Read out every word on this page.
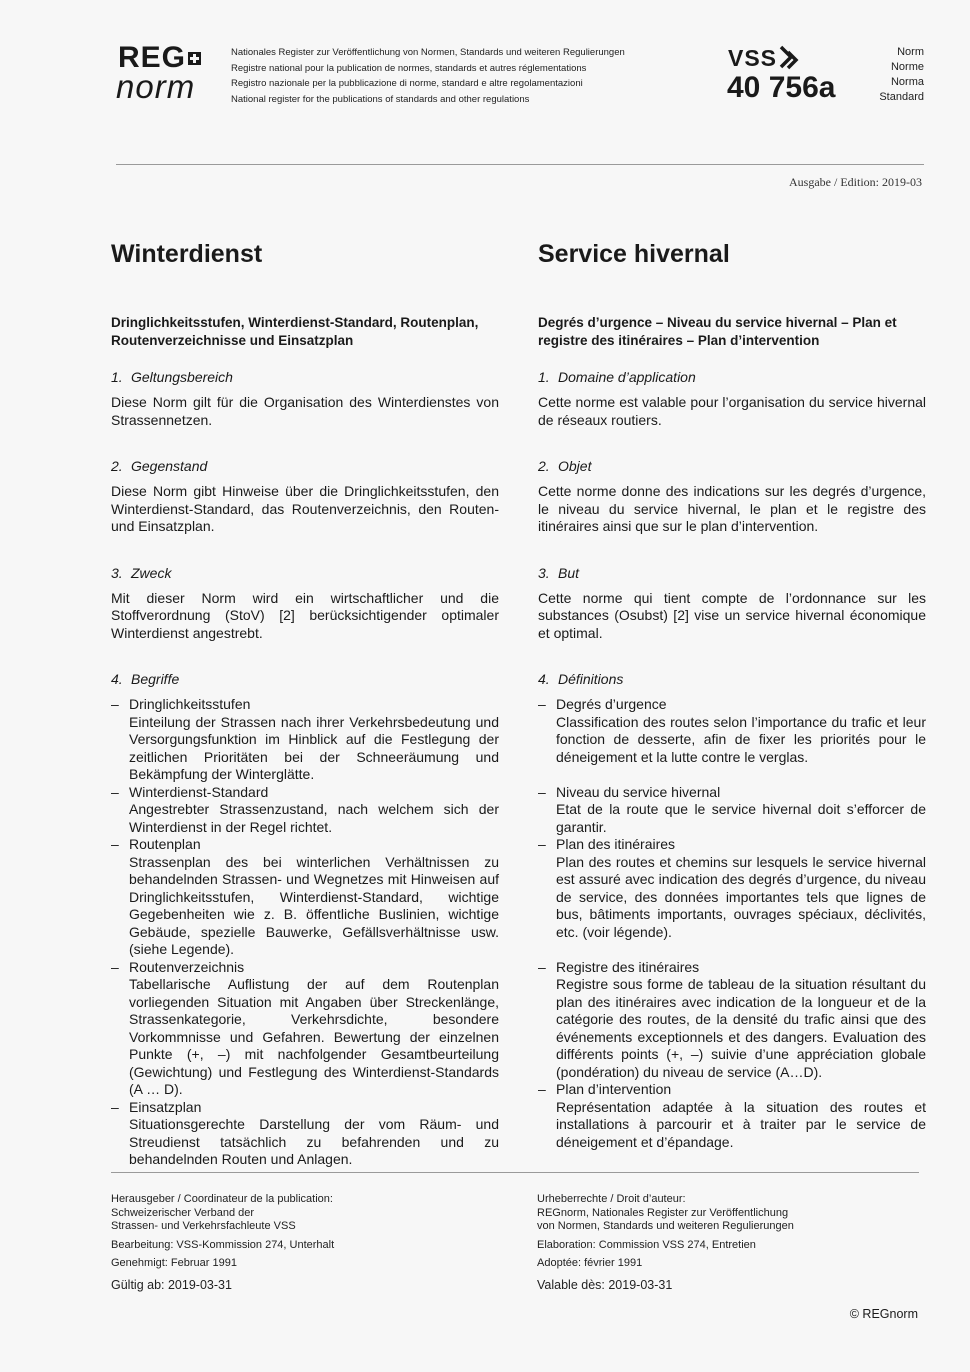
REG
norm
Nationales Register zur Veröffentlichung von Normen, Standards und weiteren Regulierungen
Registre national pour la publication de normes, standards et autres réglementations
Registro nazionale per la pubblicazione di norme, standard e altre regolamentazioni
National register for the publications of standards and other regulations
VSS
40 756a
Norm
Norme
Norma
Standard
Ausgabe / Edition: 2019-03
Winterdienst

Dringlichkeitsstufen, Winterdienst-Standard, Routenplan, Routenverzeichnisse und Einsatzplan

1. Geltungsbereich

Diese Norm gilt für die Organisation des Winterdienstes von Strassennetzen.

2. Gegenstand

Diese Norm gibt Hinweise über die Dringlichkeitsstufen, den Winterdienst-Standard, das Routenverzeichnis, den Routen- und Einsatzplan.

3. Zweck

Mit dieser Norm wird ein wirtschaftlicher und die Stoffverordnung (StoV) [2] berücksichtigender optimaler Winterdienst angestrebt.

4. Begriffe
– Dringlichkeitsstufen
Einteilung der Strassen nach ihrer Verkehrsbedeutung und Versorgungsfunktion im Hinblick auf die Festlegung der zeitlichen Prioritäten bei der Schneeräumung und Bekämpfung der Winterglätte.
– Winterdienst-Standard
Angestrebter Strassenzustand, nach welchem sich der Winterdienst in der Regel richtet.
– Routenplan
Strassenplan des bei winterlichen Verhältnissen zu behandelnden Strassen- und Wegnetzes mit Hinweisen auf Dringlichkeitsstufen, Winterdienst-Standard, wichtige Gegebenheiten wie z. B. öffentliche Buslinien, wichtige Gebäude, spezielle Bauwerke, Gefällsverhältnisse usw. (siehe Legende).
– Routenverzeichnis
Tabellarische Auflistung der auf dem Routenplan vorliegenden Situation mit Angaben über Streckenlänge, Strassenkategorie, Verkehrsdichte, besondere Vorkommnisse und Gefahren. Bewertung der einzelnen Punkte (+, –) mit nachfolgender Gesamtbeurteilung (Gewichtung) und Festlegung des Winterdienst-Standards (A … D).
– Einsatzplan
Situationsgerechte Darstellung der vom Räum- und Streudienst tatsächlich zu befahrenden und zu behandelnden Routen und Anlagen.
Service hivernal

Degrés d’urgence – Niveau du service hivernal – Plan et registre des itinéraires – Plan d’intervention

1. Domaine d’application

Cette norme est valable pour l’organisation du service hivernal de réseaux routiers.

2. Objet

Cette norme donne des indications sur les degrés d’urgence, le niveau du service hivernal, le plan et le registre des itinéraires ainsi que sur le plan d’intervention.

3. But

Cette norme qui tient compte de l’ordonnance sur les substances (Osubst) [2] vise un service hivernal économique et optimal.

4. Définitions
– Degrés d’urgence
Classification des routes selon l’importance du trafic et leur fonction de desserte, afin de fixer les priorités pour le déneigement et la lutte contre le verglas.
– Niveau du service hivernal
Etat de la route que le service hivernal doit s’efforcer de garantir.
– Plan des itinéraires
Plan des routes et chemins sur lesquels le service hivernal est assuré avec indication des degrés d’urgence, du niveau de service, des données importantes tels que lignes de bus, bâtiments importants, ouvrages spéciaux, déclivités, etc. (voir légende).
– Registre des itinéraires
Registre sous forme de tableau de la situation résultant du plan des itinéraires avec indication de la longueur et de la catégorie des routes, de la densité du trafic ainsi que des événements exceptionnels et des dangers. Evaluation des différents points (+, –) suivie d’une appréciation globale (pondération) du niveau de service (A…D).
– Plan d’intervention
Représentation adaptée à la situation des routes et installations à parcourir et à traiter par le service de déneigement et d’épandage.

Herausgeber / Coordinateur de la publication:

Schweizerischer Verband der

Strassen- und Verkehrsfachleute VSS

Bearbeitung: VSS-Kommission 274, Unterhalt

Genehmigt: Februar 1991

Gültig ab: 2019-03-31

Urheberrechte / Droit d’auteur:

REGnorm, Nationales Register zur Veröffentlichung

von Normen, Standards und weiteren Regulierungen

Elaboration: Commission VSS 274, Entretien

Adoptée: février 1991

Valable dès: 2019-03-31

© REGnorm
